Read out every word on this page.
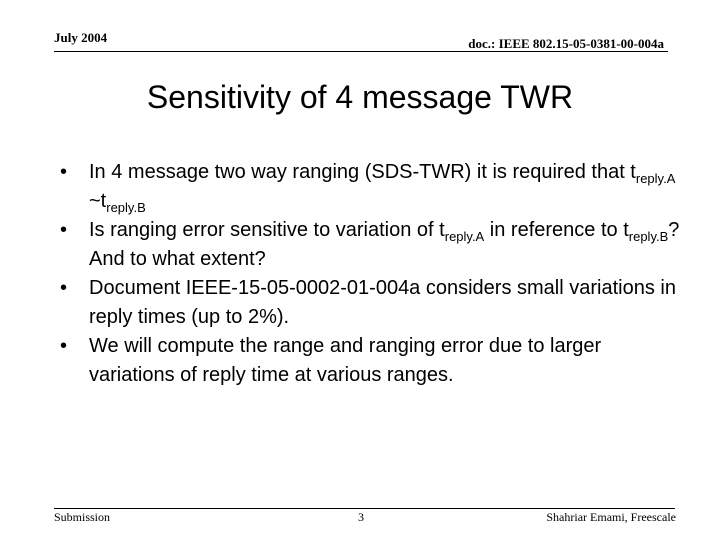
July 2004	doc.: IEEE 802.15-05-0381-00-004a
Sensitivity of 4 message TWR
• In 4 message two way ranging (SDS-TWR) it is required that $t_{reply.A}$ $\sim t_{reply.B}$
• Is ranging error sensitive to variation of $t_{reply.A}$ in reference to $t_{reply.B}$? And to what extent?
• Document IEEE-15-05-0002-01-004a considers small variations in reply times (up to 2%).
• We will compute the range and ranging error due to larger variations of reply time at various ranges.
Submission	3	Shahriar Emami, Freescale
